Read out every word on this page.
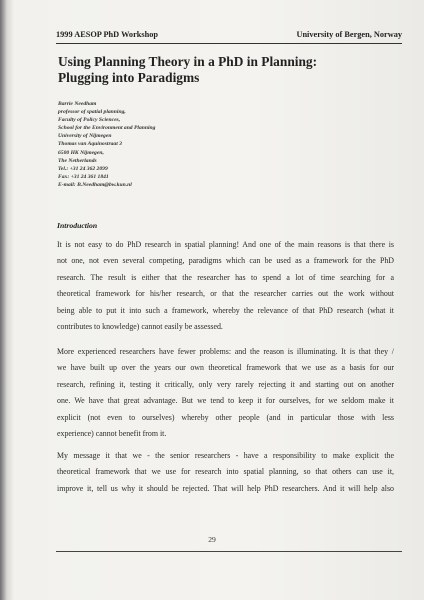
1999 AESOP PhD Workshop	University of Bergen, Norway
Using Planning Theory in a PhD in Planning:
Plugging into Paradigms
Barrie Needham
professor of spatial planning,
Faculty of Policy Sciences,
School for the Environment and Planning
University of Nijmegen
Thomas van Aquinostraat 3
6500 HK Nijmegen,
The Netherlands
Tel.: +31 24 362 2099
Fax: +31 24 361 1841
E-mail: B.Needham@bw.kun.nl
Introduction

It is not easy to do PhD research in spatial planning! And one of the main reasons is that there is
not one, not even several competing, paradigms which can be used as a framework for the PhD
research. The result is either that the researcher has to spend a lot of time searching for a
theoretical framework for his/her research, or that the researcher carries out the work without
being able to put it into such a framework, whereby the relevance of that PhD research (what it
contributes to knowledge) cannot easily be assessed.

More experienced researchers have fewer problems: and the reason is illuminating. It is that they /
we have built up over the years our own theoretical framework that we use as a basis for our
research, refining it, testing it critically, only very rarely rejecting it and starting out on another
one. We have that great advantage. But we tend to keep it for ourselves, for we seldom make it
explicit (not even to ourselves) whereby other people (and in particular those with less
experience) cannot benefit from it.

My message it that we - the senior researchers - have a responsibility to make explicit the
theoretical framework that we use for research into spatial planning, so that others can use it,
improve it, tell us why it should be rejected. That will help PhD researchers. And it will help also

29
